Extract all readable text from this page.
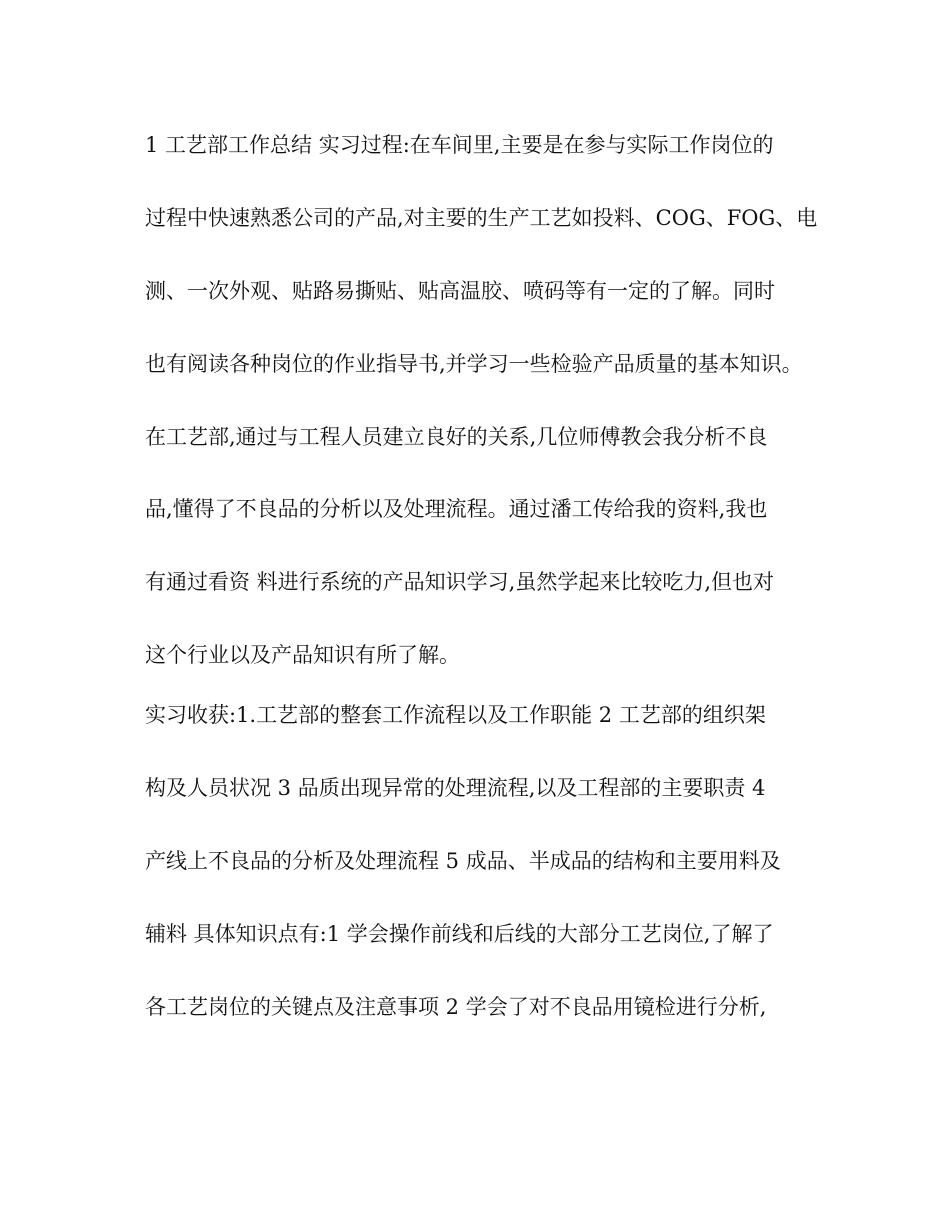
1 工艺部工作总结 实习过程:在车间里,主要是在参与实际工作岗位的
过程中快速熟悉公司的产品,对主要的生产工艺如投料、COG、FOG、电
测、一次外观、贴路易撕贴、贴高温胶、喷码等有一定的了解。同时
也有阅读各种岗位的作业指导书,并学习一些检验产品质量的基本知识。
在工艺部,通过与工程人员建立良好的关系,几位师傅教会我分析不良
品,懂得了不良品的分析以及处理流程。通过潘工传给我的资料,我也
有通过看资 料进行系统的产品知识学习,虽然学起来比较吃力,但也对
这个行业以及产品知识有所了解。
实习收获:1.工艺部的整套工作流程以及工作职能 2 工艺部的组织架
构及人员状况 3 品质出现异常的处理流程,以及工程部的主要职责 4
产线上不良品的分析及处理流程 5 成品、半成品的结构和主要用料及
辅料 具体知识点有:1 学会操作前线和后线的大部分工艺岗位,了解了
各工艺岗位的关键点及注意事项 2 学会了对不良品用镜检进行分析,
